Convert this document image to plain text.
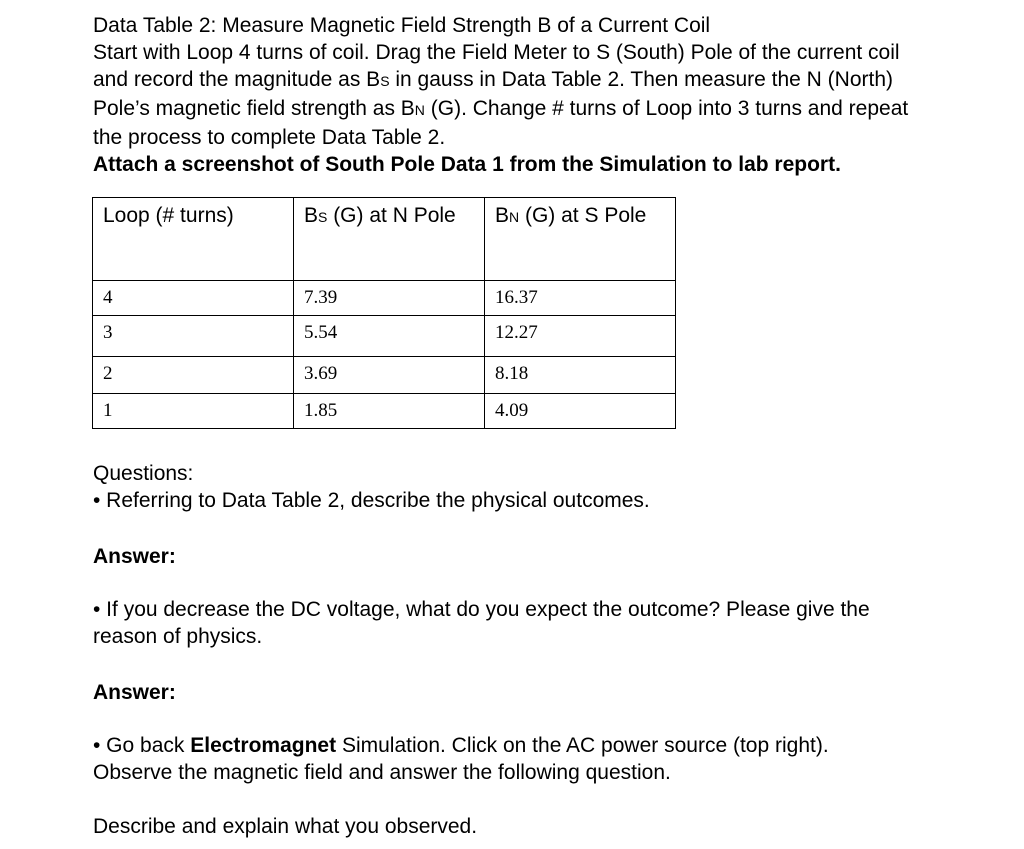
Data Table 2: Measure Magnetic Field Strength B of a Current Coil
Start with Loop 4 turns of coil. Drag the Field Meter to S (South) Pole of the current coil
and record the magnitude as BS in gauss in Data Table 2. Then measure the N (North)
Pole’s magnetic field strength as BN (G). Change # turns of Loop into 3 turns and repeat
the process to complete Data Table 2.
Attach a screenshot of South Pole Data 1 from the Simulation to lab report.
Loop (# turns)	BS (G) at N Pole	BN (G) at S Pole
4	7.39	16.37
3	5.54	12.27
2	3.69	8.18
1	1.85	4.09
Questions:
• Referring to Data Table 2, describe the physical outcomes.
Answer:
• If you decrease the DC voltage, what do you expect the outcome? Please give the
reason of physics.
Answer:
• Go back Electromagnet Simulation. Click on the AC power source (top right).
Observe the magnetic field and answer the following question.
Describe and explain what you observed.
